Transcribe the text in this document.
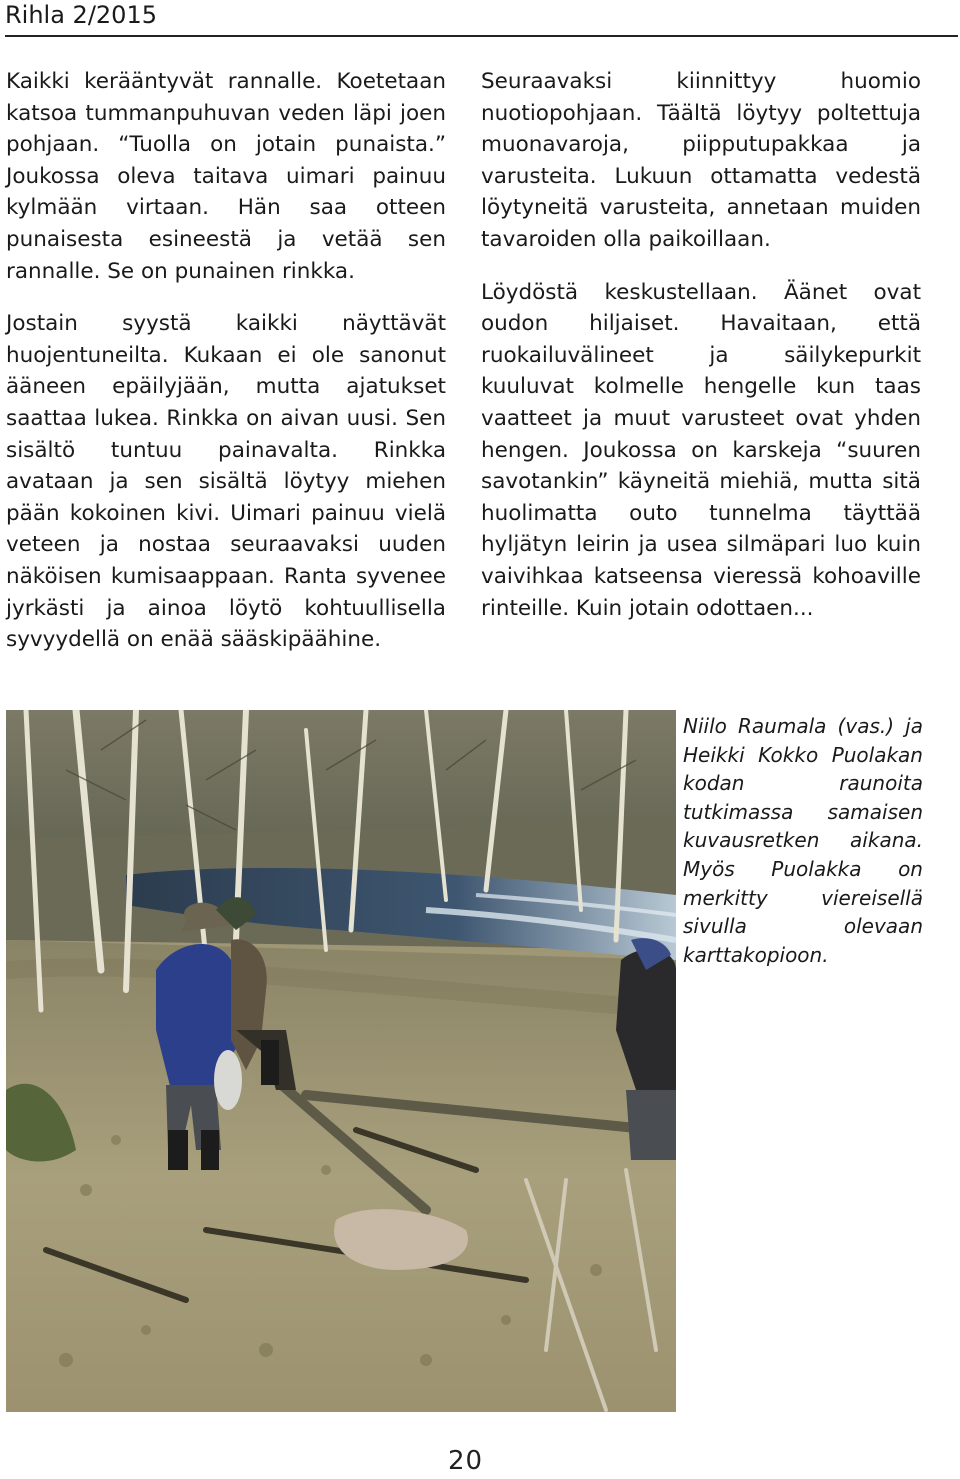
Rihla 2/2015

Kaikki kerääntyvät rannalle. Koetetaan katsoa tummanpuhuvan veden läpi joen pohjaan. “Tuolla on jotain punaista.” Joukossa oleva taitava uimari painuu kylmään virtaan. Hän saa otteen punaisesta esineestä ja vetää sen rannalle. Se on punainen rinkka.

Jostain syystä kaikki näyttävät huojentuneilta. Kukaan ei ole sanonut ääneen epäilyjään, mutta ajatukset saattaa lukea. Rinkka on aivan uusi. Sen sisältö tuntuu painavalta. Rinkka avataan ja sen sisältä löytyy miehen pään kokoinen kivi. Uimari painuu vielä veteen ja nostaa seuraavaksi uuden näköisen kumisaappaan. Ranta syvenee jyrkästi ja ainoa löytö kohtuullisella syvyydellä on enää sääskipäähine.

Seuraavaksi kiinnittyy huomio nuotiopohjaan. Täältä löytyy poltettuja muonavaroja, piipputupakkaa ja varusteita. Lukuun ottamatta vedestä löytyneitä varusteita, annetaan muiden tavaroiden olla paikoillaan.

Löydöstä keskustellaan. Äänet ovat oudon hiljaiset. Havaitaan, että ruokailuvälineet ja säilykepurkit kuuluvat kolmelle hengelle kun taas vaatteet ja muut varusteet ovat yhden hengen. Joukossa on karskeja “suuren savotankin” käyneitä miehiä, mutta sitä huolimatta outo tunnelma täyttää hyljätyn leirin ja usea silmäpari luo kuin vaivihkaa katseensa vieressä kohoaville rinteille. Kuin jotain odottaen...

Niilo Raumala (vas.) ja Heikki Kokko Puolakan kodan raunoita tutkimassa samaisen kuvausretken aikana. Myös Puolakka on merkitty viereisellä sivulla olevaan karttakopioon.
20
